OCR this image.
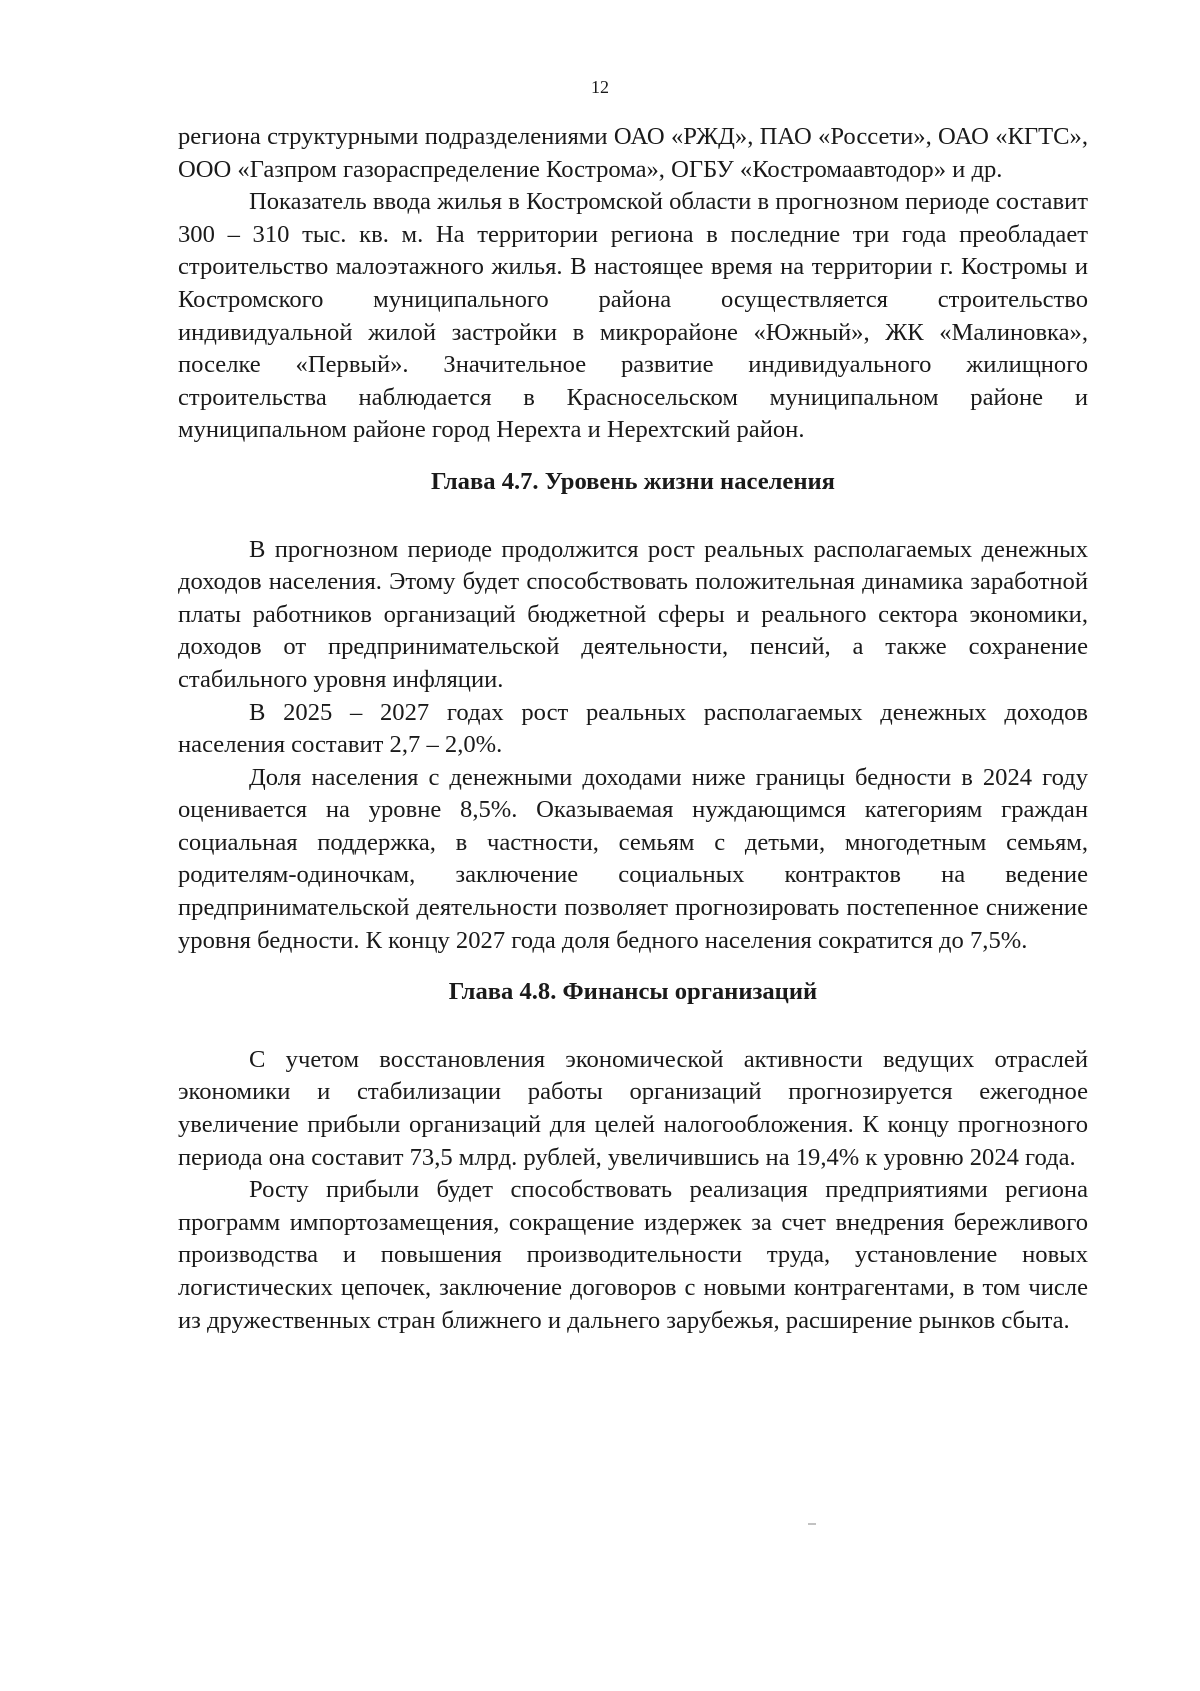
12

региона структурными подразделениями ОАО «РЖД», ПАО «Россети», ОАО «КГТС», ООО «Газпром газораспределение Кострома», ОГБУ «Костромаавтодор» и др.

Показатель ввода жилья в Костромской области в прогнозном периоде составит 300 – 310 тыс. кв. м. На территории региона в последние три года преобладает строительство малоэтажного жилья. В настоящее время на территории г. Костромы и Костромского муниципального района осуществляется строительство индивидуальной жилой застройки в микрорайоне «Южный», ЖК «Малиновка», поселке «Первый». Значительное развитие индивидуального жилищного строительства наблюдается в Красносельском муниципальном районе и муниципальном районе город Нерехта и Нерехтский район.

Глава 4.7. Уровень жизни населения

В прогнозном периоде продолжится рост реальных располагаемых денежных доходов населения. Этому будет способствовать положительная динамика заработной платы работников организаций бюджетной сферы и реального сектора экономики, доходов от предпринимательской деятельности, пенсий, а также сохранение стабильного уровня инфляции.

В 2025 – 2027 годах рост реальных располагаемых денежных доходов населения составит 2,7 – 2,0%.

Доля населения с денежными доходами ниже границы бедности в 2024 году оценивается на уровне 8,5%. Оказываемая нуждающимся категориям граждан социальная поддержка, в частности, семьям с детьми, многодетным семьям, родителям-одиночкам, заключение социальных контрактов на ведение предпринимательской деятельности позволяет прогнозировать постепенное снижение уровня бедности. К концу 2027 года доля бедного населения сократится до 7,5%.

Глава 4.8. Финансы организаций

С учетом восстановления экономической активности ведущих отраслей экономики и стабилизации работы организаций прогнозируется ежегодное увеличение прибыли организаций для целей налогообложения. К концу прогнозного периода она составит 73,5 млрд. рублей, увеличившись на 19,4% к уровню 2024 года.

Росту прибыли будет способствовать реализация предприятиями региона программ импортозамещения, сокращение издержек за счет внедрения бережливого производства и повышения производительности труда, установление новых логистических цепочек, заключение договоров с новыми контрагентами, в том числе из дружественных стран ближнего и дальнего зарубежья, расширение рынков сбыта.
